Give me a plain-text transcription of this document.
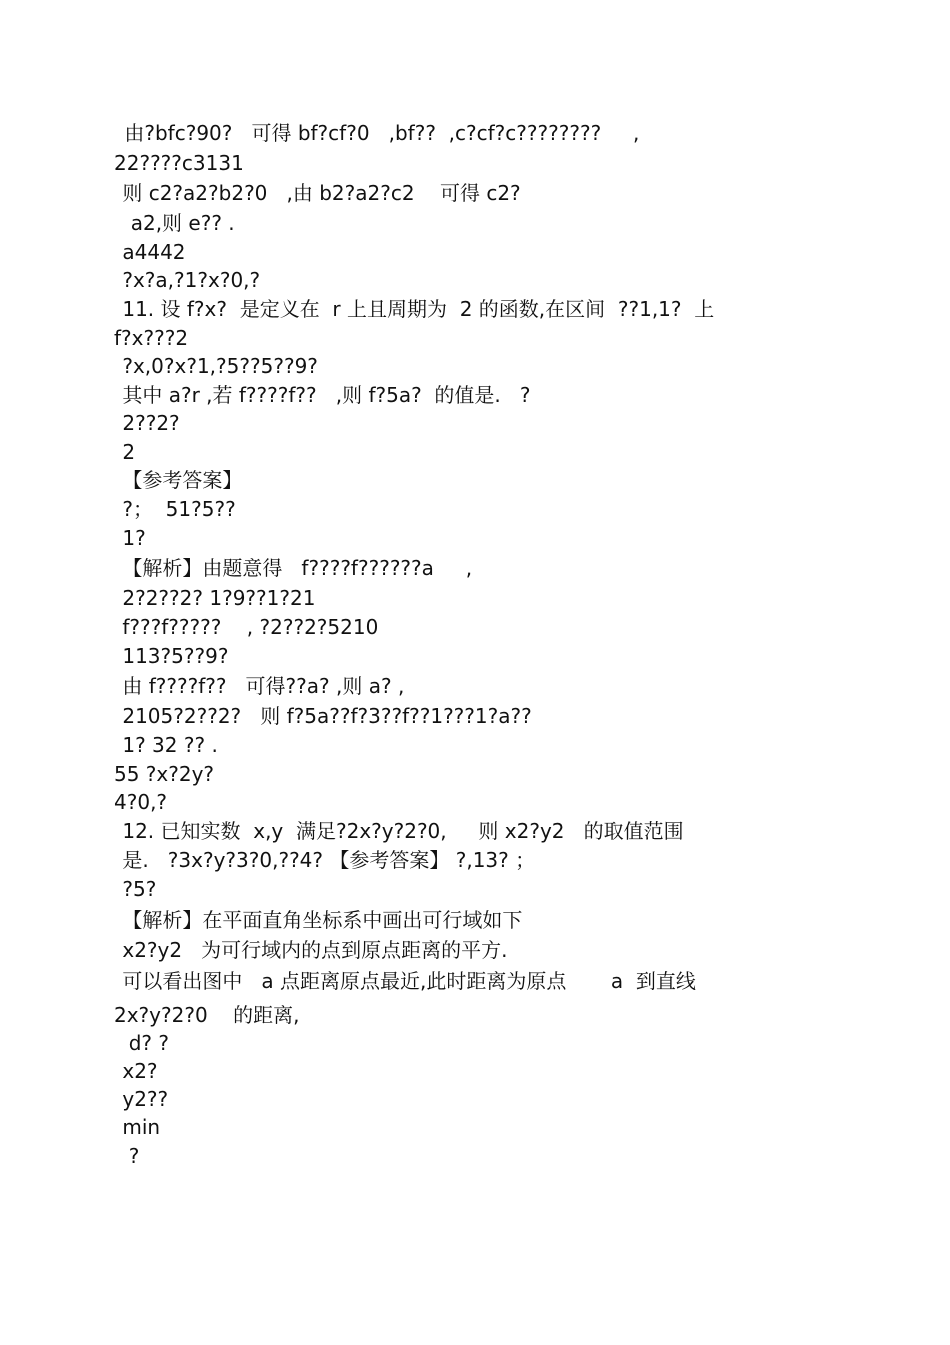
由?bfc?90?   可得 bf?cf?0   ,bf??  ,c?cf?c????????     ,
22????c3131
则 c2?a2?b2?0   ,由 b2?a2?c2    可得 c2?
a2,则 e?? .
a4442
?x?a,?1?x?0,?
11. 设 f?x?  是定义在  r 上且周期为  2 的函数,在区间  ??1,1?  上
f?x???2
?x,0?x?1,?5??5??9?
其中 a?r ,若 f????f??   ,则 f?5a?  的值是.   ?
2??2?
2
【参考答案】
?；  51?5??
1?
【解析】由题意得   f????f??????a     ,
2?2??2? 1?9??1?21
f???f?????    , ?2??2?5210
113?5??9?
由 f????f??   可得??a? ,则 a? ,
2105?2??2?   则 f?5a??f?3??f??1???1?a??
1? 32 ?? .
55 ?x?2y?
4?0,?
12. 已知实数  x,y  满足?2x?y?2?0,     则 x2?y2   的取值范围
是.   ?3x?y?3?0,??4? 【参考答案】 ?,13? ；
?5?
【解析】在平面直角坐标系中画出可行域如下
x2?y2   为可行域内的点到原点距离的平方.
可以看出图中   a 点距离原点最近,此时距离为原点       a  到直线
2x?y?2?0    的距离,
d? ?
x2?
y2??
min
?
